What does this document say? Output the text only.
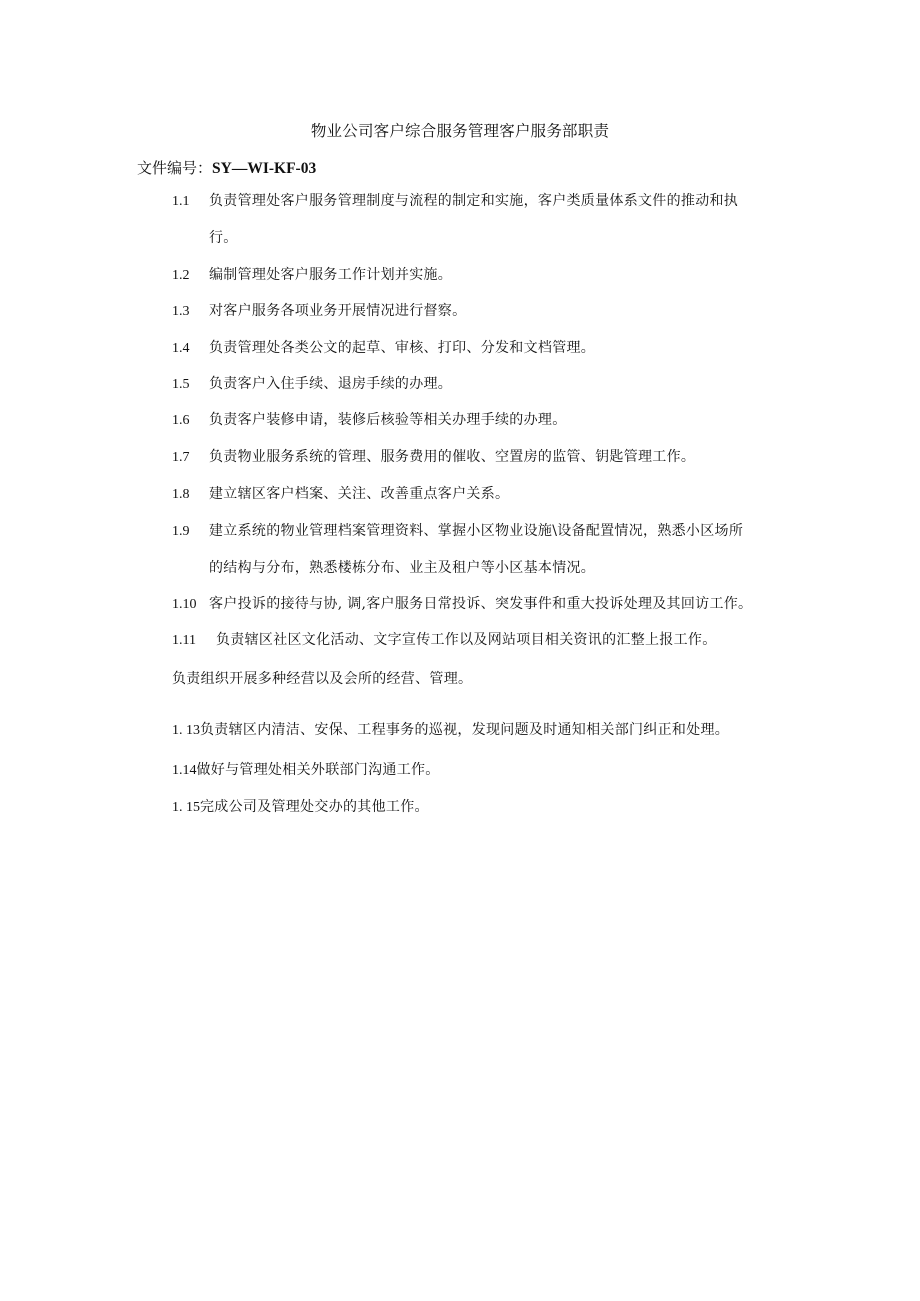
物业公司客户综合服务管理客户服务部职责
文件编号：SY—WI-KF-03
1.1 负责管理处客户服务管理制度与流程的制定和实施，客户类质量体系文件的推动和执
行。
1.2 编制管理处客户服务工作计划并实施。
1.3 对客户服务各项业务开展情况进行督察。
1.4 负责管理处各类公文的起草、审核、打印、分发和文档管理。
1.5 负责客户入住手续、退房手续的办理。
1.6 负责客户装修申请，装修后核验等相关办理手续的办理。
1.7 负责物业服务系统的管理、服务费用的催收、空置房的监管、钥匙管理工作。
1.8 建立辖区客户档案、关注、改善重点客户关系。
1.9 建立系统的物业管理档案管理资料、掌握小区物业设施\设备配置情况，熟悉小区场所
的结构与分布，熟悉楼栋分布、业主及租户等小区基本情况。
1.10 客户投诉的接待与协, 调,客户服务日常投诉、突发事件和重大投诉处理及其回访工作。
1.11 负责辖区社区文化活动、文字宣传工作以及网站项目相关资讯的汇整上报工作。
负责组织开展多种经营以及会所的经营、管理。
1. 13负责辖区内清洁、安保、工程事务的巡视，发现问题及时通知相关部门纠正和处理。
1.14做好与管理处相关外联部门沟通工作。
1. 15完成公司及管理处交办的其他工作。
